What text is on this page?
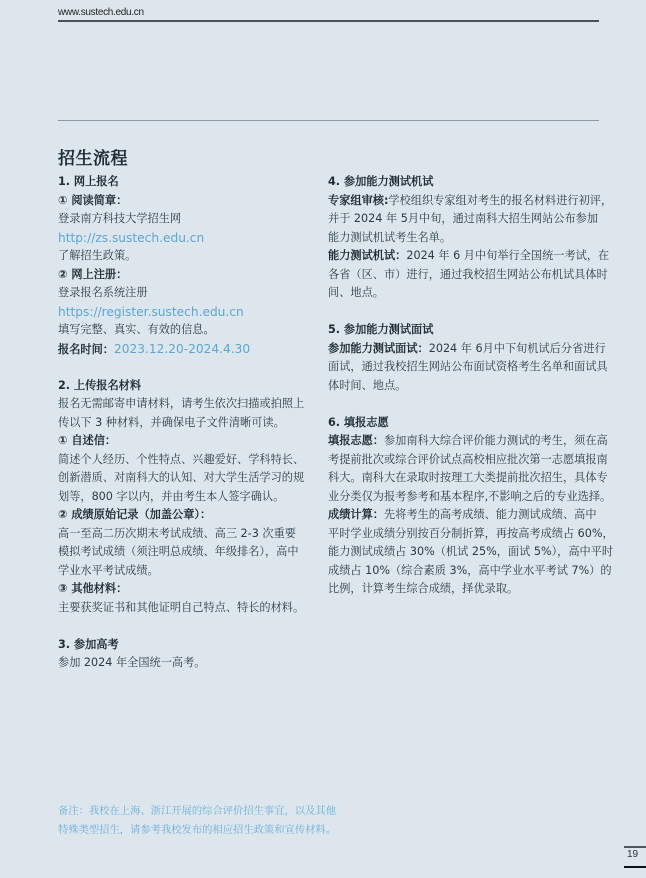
www.sustech.edu.cn
招生流程
1. 网上报名
① 阅读简章：
登录南方科技大学招生网
http://zs.sustech.edu.cn
了解招生政策。
② 网上注册：
登录报名系统注册
https://register.sustech.edu.cn
填写完整、真实、有效的信息。
报名时间：2023.12.20-2024.4.30
2. 上传报名材料
报名无需邮寄申请材料，请考生依次扫描或拍照上
传以下 3 种材料，并确保电子文件清晰可读。
① 自述信：
简述个人经历、个性特点、兴趣爱好、学科特长、
创新潜质、对南科大的认知、对大学生活学习的规
划等，800 字以内，并由考生本人签字确认。
② 成绩原始记录（加盖公章）：
高一至高二历次期末考试成绩、高三 2-3 次重要
模拟考试成绩（须注明总成绩、年级排名），高中
学业水平考试成绩。
③ 其他材料：
主要获奖证书和其他证明自己特点、特长的材料。
3. 参加高考
参加 2024 年全国统一高考。
4. 参加能力测试机试
专家组审核:学校组织专家组对考生的报名材料进行初评，
并于 2024 年 5月中旬，通过南科大招生网站公布参加
能力测试机试考生名单。
能力测试机试：2024 年 6 月中旬举行全国统一考试，在
各省（区、市）进行，通过我校招生网站公布机试具体时
间、地点。
5. 参加能力测试面试
参加能力测试面试：2024 年 6月中下旬机试后分省进行
面试，通过我校招生网站公布面试资格考生名单和面试具
体时间、地点。
6. 填报志愿
填报志愿：参加南科大综合评价能力测试的考生，须在高
考提前批次或综合评价试点高校相应批次第一志愿填报南
科大。南科大在录取时按理工大类提前批次招生，具体专
业分类仅为报考参考和基本程序,不影响之后的专业选择。
成绩计算：先将考生的高考成绩、能力测试成绩、高中
平时学业成绩分别按百分制折算，再按高考成绩占 60%，
能力测试成绩占 30%（机试 25%，面试 5%），高中平时
成绩占 10%（综合素质 3%，高中学业水平考试 7%）的
比例，计算考生综合成绩，择优录取。
备注：我校在上海、浙江开展的综合评价招生事宜，以及其他
特殊类型招生，请参考我校发布的相应招生政策和宣传材料。
19
